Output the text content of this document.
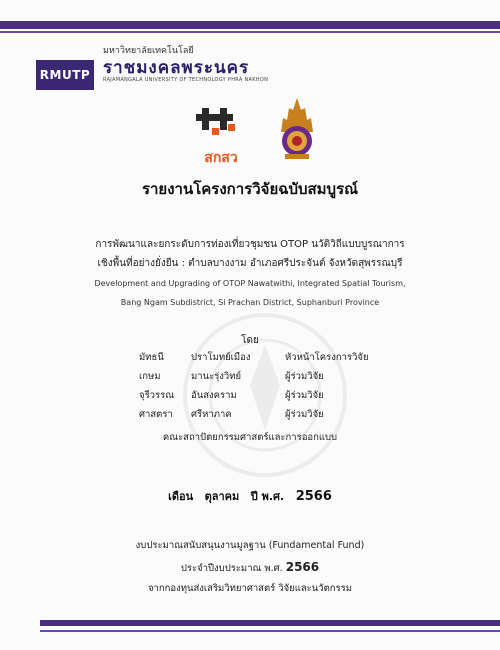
RMUTP
มหาวิทยาลัยเทคโนโลยี
ราชมงคลพระนคร
RAJAMANGALA UNIVERSITY OF TECHNOLOGY PHRA NAKHON
สกสว
รายงานโครงการวิจัยฉบับสมบูรณ์
การพัฒนาและยกระดับการท่องเที่ยวชุมชน OTOP นวัติวิถีแบบบูรณาการ
เชิงพื้นที่อย่างยั่งยืน : ตำบลบางงาม อำเภอศรีประจันต์ จังหวัดสุพรรณบุรี
Development and Upgrading of OTOP Nawatwithi, Integrated Spatial Tourism,
Bang Ngam Subdistrict, Si Prachan District, Suphanburi Province
โดย
มัทธนี	ปราโมทย์เมือง	หัวหน้าโครงการวิจัย
เกษม	มานะรุ่งวิทย์	ผู้ร่วมวิจัย
จุรีวรรณ อันสงคราม	ผู้ร่วมวิจัย
ศาสตรา ศรีหาภาค	ผู้ร่วมวิจัย
คณะสถาปัตยกรรมศาสตร์และการออกแบบ
เดือน ตุลาคม ปี พ.ศ. 2566
งบประมาณสนับสนุนงานมูลฐาน (Fundamental Fund)
ประจำปีงบประมาณ พ.ศ. 2566
จากกองทุนส่งเสริมวิทยาศาสตร์ วิจัยและนวัตกรรม
